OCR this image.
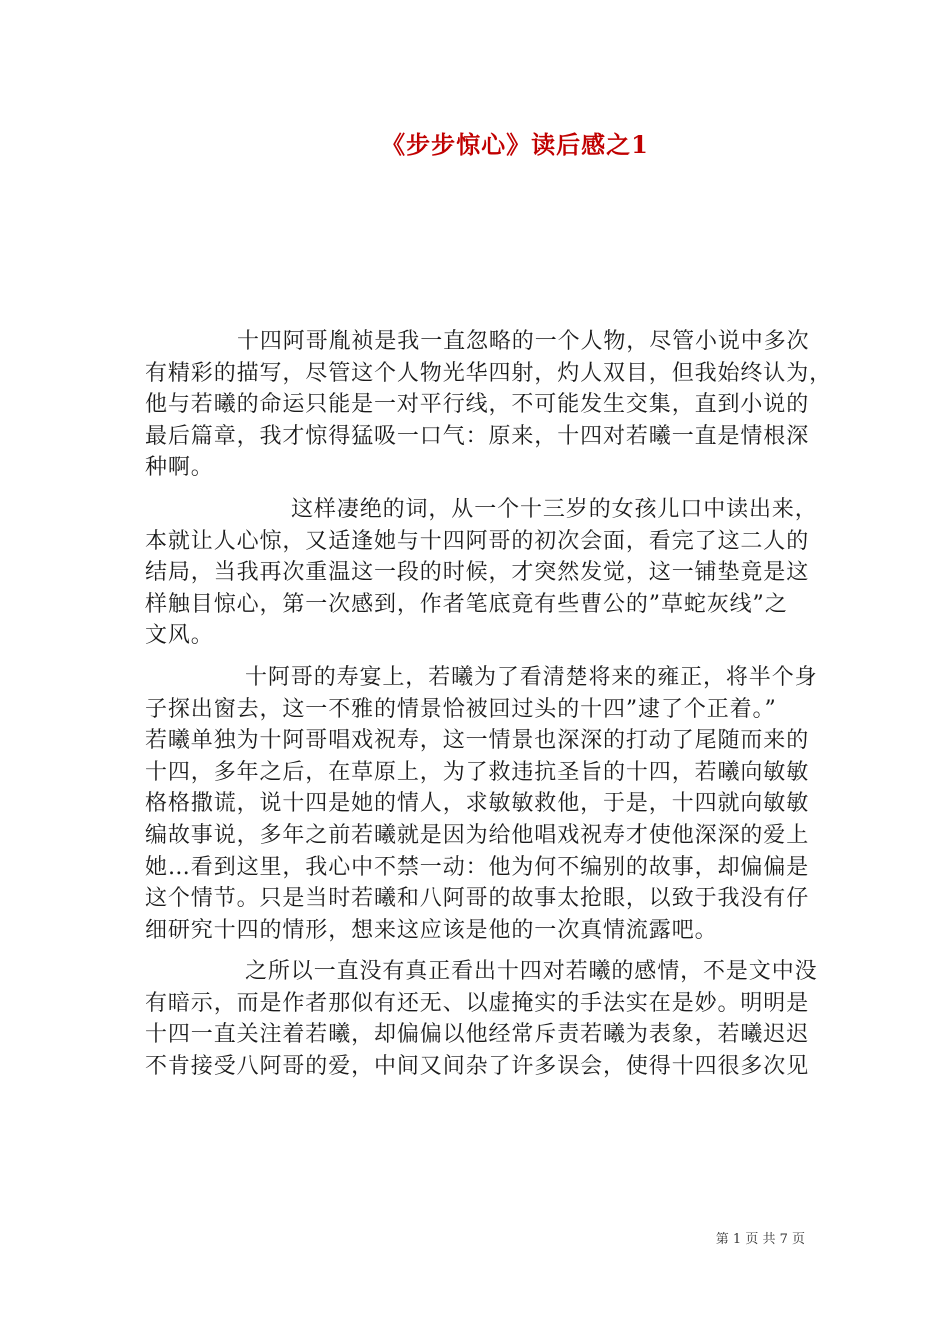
《步步惊心》读后感之1
十四阿哥胤祯是我一直忽略的一个人物，尽管小说中多次
有精彩的描写，尽管这个人物光华四射，灼人双目，但我始终认为，
他与若曦的命运只能是一对平行线，不可能发生交集，直到小说的
最后篇章，我才惊得猛吸一口气：原来，十四对若曦一直是情根深
种啊。
这样凄绝的词，从一个十三岁的女孩儿口中读出来，
本就让人心惊，又适逢她与十四阿哥的初次会面，看完了这二人的
结局，当我再次重温这一段的时候，才突然发觉，这一铺垫竟是这
样触目惊心，第一次感到，作者笔底竟有些曹公的”草蛇灰线”之
文风。
十阿哥的寿宴上，若曦为了看清楚将来的雍正，将半个身
子探出窗去，这一不雅的情景恰被回过头的十四”逮了个正着。”
若曦单独为十阿哥唱戏祝寿，这一情景也深深的打动了尾随而来的
十四，多年之后，在草原上，为了救违抗圣旨的十四，若曦向敏敏
格格撒谎，说十四是她的情人，求敏敏救他，于是，十四就向敏敏
编故事说，多年之前若曦就是因为给他唱戏祝寿才使他深深的爱上
她…看到这里，我心中不禁一动：他为何不编别的故事，却偏偏是
这个情节。只是当时若曦和八阿哥的故事太抢眼，以致于我没有仔
细研究十四的情形，想来这应该是他的一次真情流露吧。
之所以一直没有真正看出十四对若曦的感情，不是文中没
有暗示，而是作者那似有还无、以虚掩实的手法实在是妙。明明是
十四一直关注着若曦，却偏偏以他经常斥责若曦为表象，若曦迟迟
不肯接受八阿哥的爱，中间又间杂了许多误会，使得十四很多次见
第 1 页 共 7 页
